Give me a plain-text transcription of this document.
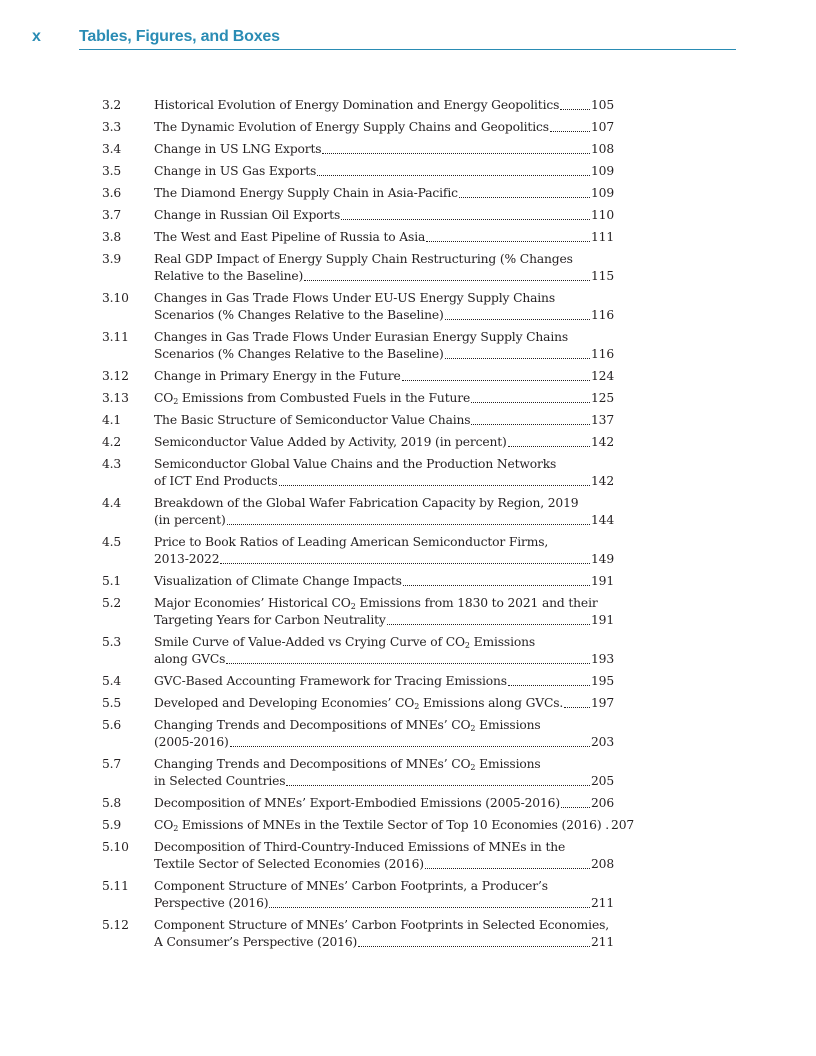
x Tables, Figures, and Boxes
3.2	Historical Evolution of Energy Domination and Energy Geopolitics	105
3.3	The Dynamic Evolution of Energy Supply Chains and Geopolitics	107
3.4	Change in US LNG Exports	108
3.5	Change in US Gas Exports	109
3.6	The Diamond Energy Supply Chain in Asia-Pacific	109
3.7	Change in Russian Oil Exports	110
3.8	The West and East Pipeline of Russia to Asia	111
3.9	Real GDP Impact of Energy Supply Chain Restructuring (% Changes
Relative to the Baseline)	115
3.10	Changes in Gas Trade Flows Under EU-US Energy Supply Chains
Scenarios (% Changes Relative to the Baseline)	116
3.11	Changes in Gas Trade Flows Under Eurasian Energy Supply Chains
Scenarios (% Changes Relative to the Baseline)	116
3.12	Change in Primary Energy in the Future	124
3.13	$CO_2$ Emissions from Combusted Fuels in the Future	125
4.1	The Basic Structure of Semiconductor Value Chains	137
4.2	Semiconductor Value Added by Activity, 2019 (in percent)	142
4.3	Semiconductor Global Value Chains and the Production Networks
of ICT End Products	142
4.4	Breakdown of the Global Wafer Fabrication Capacity by Region, 2019
(in percent)	144
4.5	Price to Book Ratios of Leading American Semiconductor Firms,
2013-2022	149
5.1	Visualization of Climate Change Impacts	191
5.2	Major Economies’ Historical $CO_2$ Emissions from 1830 to 2021 and their
Targeting Years for Carbon Neutrality	191
5.3	Smile Curve of Value-Added vs Crying Curve of $CO_2$ Emissions
along GVCs	193
5.4	GVC-Based Accounting Framework for Tracing Emissions	195
5.5	Developed and Developing Economies’ $CO_2$ Emissions along GVCs. 197
5.6	Changing Trends and Decompositions of MNEs’ $CO_2$ Emissions
(2005-2016)	203
5.7	Changing Trends and Decompositions of MNEs’ $CO_2$ Emissions
in Selected Countries	205
5.8	Decomposition of MNEs’ Export-Embodied Emissions (2005-2016)	206
5.9	$CO_2$ Emissions of MNEs in the Textile Sector of Top 10 Economies (2016) . 207
5.10	Decomposition of Third-Country-Induced Emissions of MNEs in the
Textile Sector of Selected Economies (2016)	208
5.11	Component Structure of MNEs’ Carbon Footprints, a Producer’s
Perspective (2016)	211
5.12	Component Structure of MNEs’ Carbon Footprints in Selected Economies,
A Consumer’s Perspective (2016)	211
